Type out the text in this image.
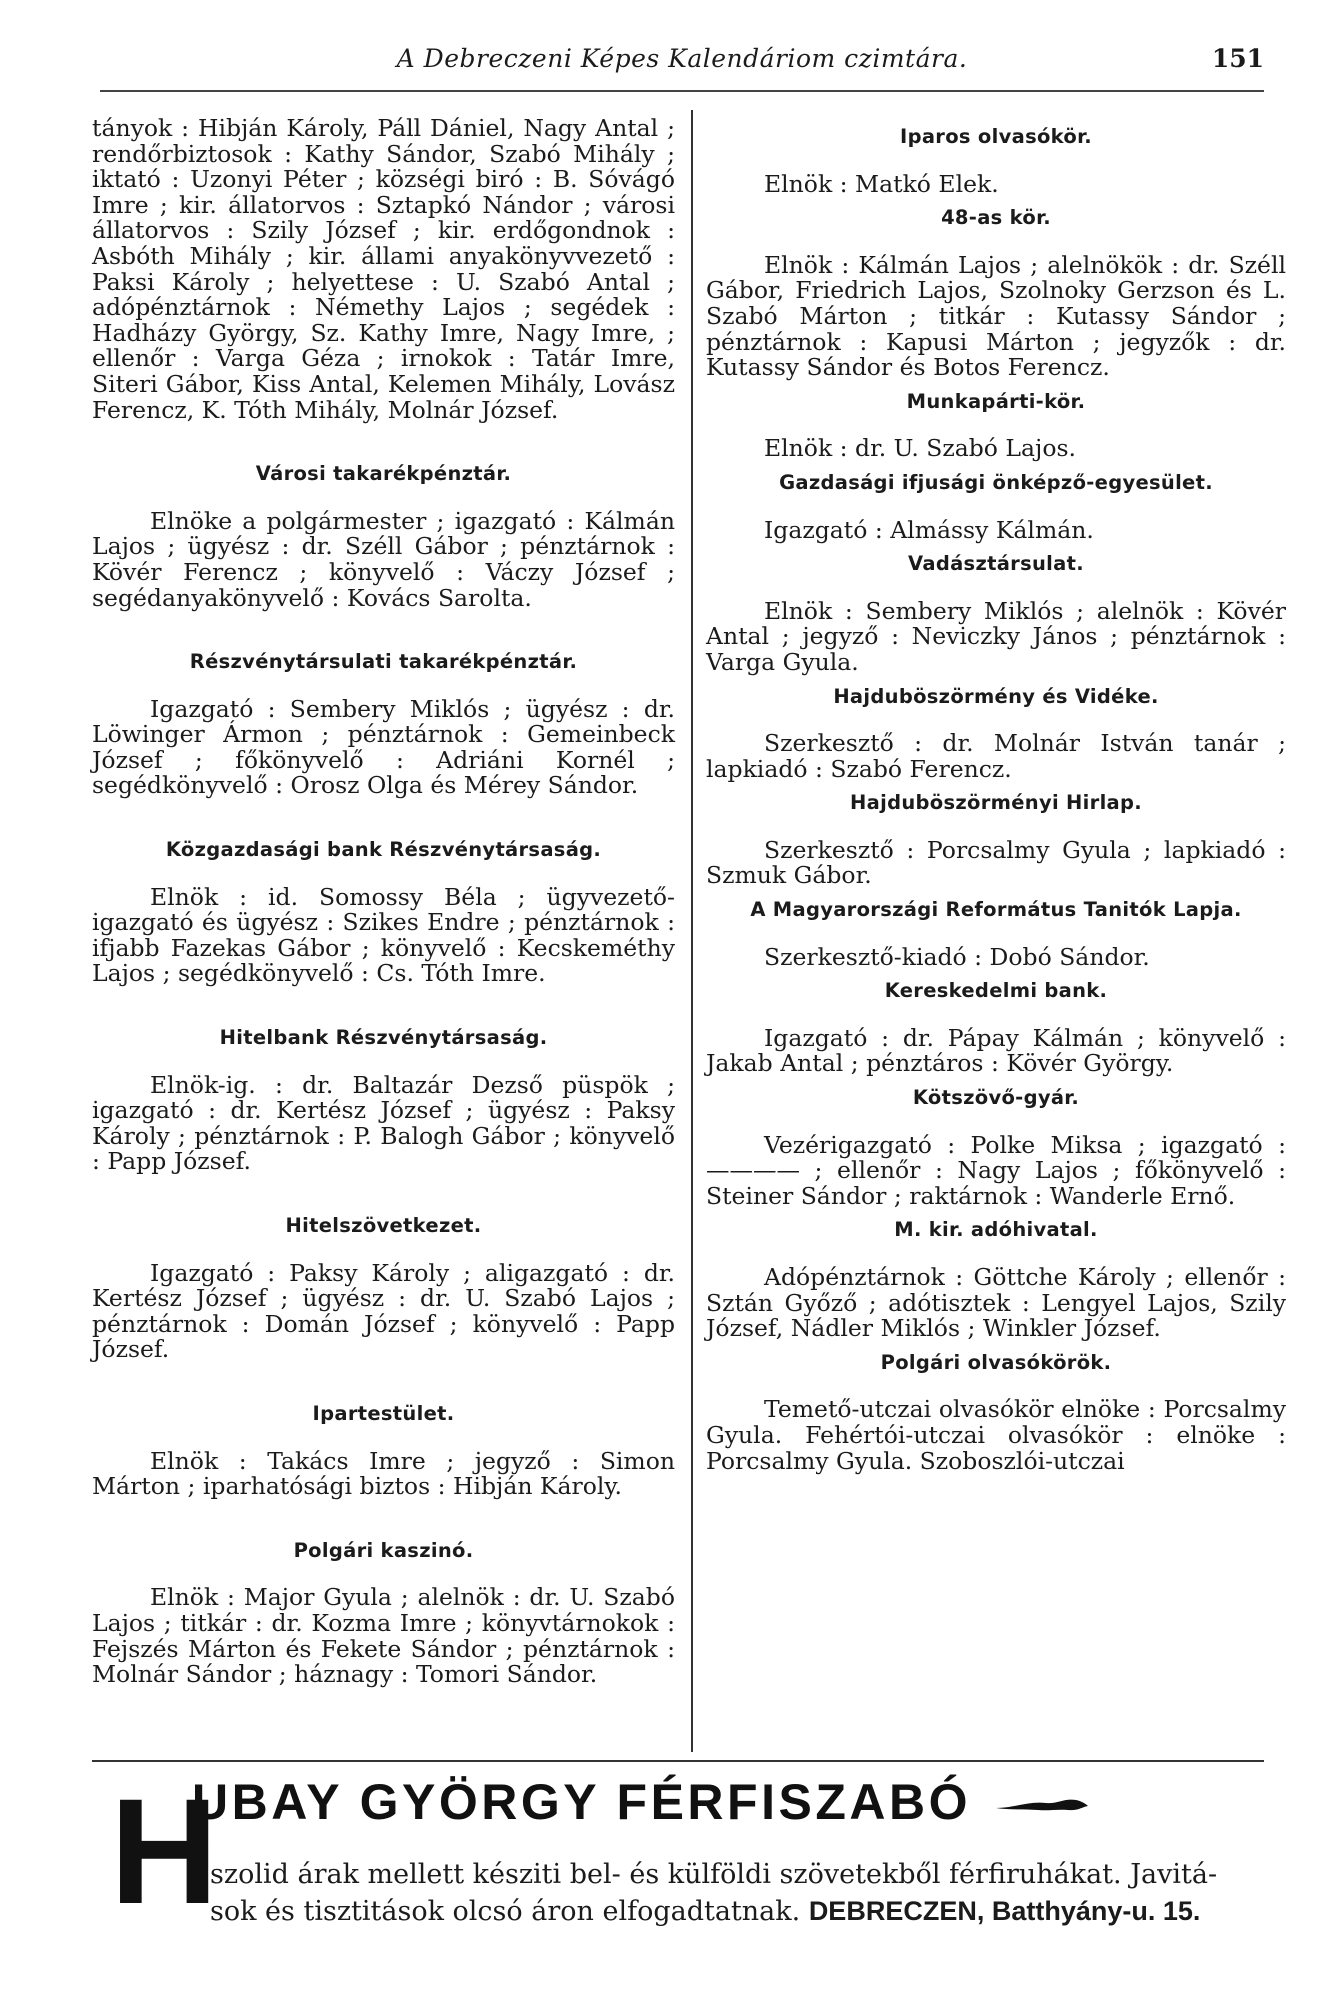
A Debreczeni Képes Kalendáriom czimtára.	151

tányok : Hibján Károly, Páll Dániel, Nagy Antal ; rendőrbiztosok : Kathy Sándor, Szabó Mihály ; iktató : Uzonyi Péter ; községi biró : B. Sóvágó Imre ; kir. állatorvos : Sztapkó Nándor ; városi állatorvos : Szily József ; kir. erdőgondnok : Asbóth Mihály ; kir. állami anyakönyvvezető : Paksi Károly ; helyettese : U. Szabó Antal ; adópénztárnok : Némethy Lajos ; segédek : Hadházy György, Sz. Kathy Imre, Nagy Imre, ; ellenőr : Varga Géza ; irnokok : Tatár Imre, Siteri Gábor, Kiss Antal, Kelemen Mihály, Lovász Ferencz, K. Tóth Mihály, Molnár József.

Városi takarékpénztár.

Elnöke a polgármester ; igazgató : Kálmán Lajos ; ügyész : dr. Széll Gábor ; pénztárnok : Kövér Ferencz ; könyvelő : Váczy József ; segédanyakönyvelő : Kovács Sarolta.

Részvénytársulati takarékpénztár.

Igazgató : Sembery Miklós ; ügyész : dr. Löwinger Ármon ; pénztárnok : Gemeinbeck József ; főkönyvelő : Adriáni Kornél ; segédkönyvelő : Orosz Olga és Mérey Sándor.

Közgazdasági bank Részvénytársaság.

Elnök : id. Somossy Béla ; ügyvezető-igazgató és ügyész : Szikes Endre ; pénztárnok : ifjabb Fazekas Gábor ; könyvelő : Kecskeméthy Lajos ; segédkönyvelő : Cs. Tóth Imre.

Hitelbank Részvénytársaság.

Elnök-ig. : dr. Baltazár Dezső püspök ; igazgató : dr. Kertész József ; ügyész : Paksy Károly ; pénztárnok : P. Balogh Gábor ; könyvelő : Papp József.

Hitelszövetkezet.

Igazgató : Paksy Károly ; aligazgató : dr. Kertész József ; ügyész : dr. U. Szabó Lajos ; pénztárnok : Domán József ; könyvelő : Papp József.

Ipartestület.

Elnök : Takács Imre ; jegyző : Simon Márton ; iparhatósági biztos : Hibján Károly.

Polgári kaszinó.

Elnök : Major Gyula ; alelnök : dr. U. Szabó Lajos ; titkár : dr. Kozma Imre ; könyvtárnokok : Fejszés Márton és Fekete Sándor ; pénztárnok : Molnár Sándor ; háznagy : Tomori Sándor.

Iparos olvasókör.

Elnök : Matkó Elek.

48-as kör.

Elnök : Kálmán Lajos ; alelnökök : dr. Széll Gábor, Friedrich Lajos, Szolnoky Gerzson és L. Szabó Márton ; titkár : Kutassy Sándor ; pénztárnok : Kapusi Márton ; jegyzők : dr. Kutassy Sándor és Botos Ferencz.

Munkapárti-kör.

Elnök : dr. U. Szabó Lajos.

Gazdasági ifjusági önképző-egyesület.

Igazgató : Almássy Kálmán.

Vadásztársulat.

Elnök : Sembery Miklós ; alelnök : Kövér Antal ; jegyző : Neviczky János ; pénztárnok : Varga Gyula.

Hajduböszörmény és Vidéke.

Szerkesztő : dr. Molnár István tanár ; lapkiadó : Szabó Ferencz.

Hajduböszörményi Hirlap.

Szerkesztő : Porcsalmy Gyula ; lapkiadó : Szmuk Gábor.

A Magyarországi Református Tanitók Lapja.

Szerkesztő-kiadó : Dobó Sándor.

Kereskedelmi bank.

Igazgató : dr. Pápay Kálmán ; könyvelő : Jakab Antal ; pénztáros : Kövér György.

Kötszövő-gyár.

Vezérigazgató : Polke Miksa ; igazgató : ———— ; ellenőr : Nagy Lajos ; főkönyvelő : Steiner Sándor ; raktárnok : Wanderle Ernő.

M. kir. adóhivatal.

Adópénztárnok : Göttche Károly ; ellenőr : Sztán Győző ; adótisztek : Lengyel Lajos, Szily József, Nádler Miklós ; Winkler József.

Polgári olvasókörök.

Temető-utczai olvasókör elnöke : Porcsalmy Gyula. Fehértói-utczai olvasókör : elnöke : Porcsalmy Gyula. Szoboszlói-utczai

H
UBAY GYÖRGY FÉRFISZABÓ
szolid árak mellett késziti bel- és külföldi szövetekből férfiruhákat. Javitá-
sok és tisztitások olcsó áron elfogadtatnak. DEBRECZEN, Batthyány-u. 15.
